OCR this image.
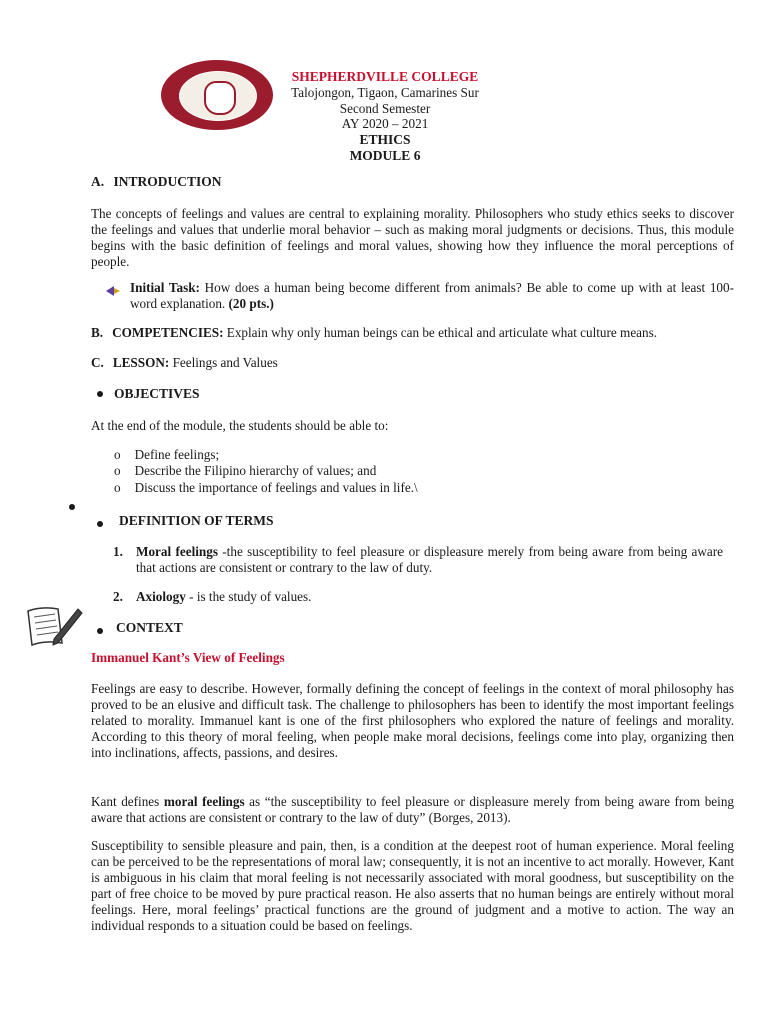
SHEPHERDVILLE COLLEGE
Talojongon, Tigaon, Camarines Sur
Second Semester
AY 2020 – 2021
ETHICS
MODULE 6
A. INTRODUCTION

The concepts of feelings and values are central to explaining morality. Philosophers who study ethics seeks to discover the feelings and values that underlie moral behavior – such as making moral judgments or decisions. Thus, this module begins with the basic definition of feelings and moral values, showing how they influence the moral perceptions of people.

Initial Task: How does a human being become different from animals? Be able to come up with at least 100-word explanation. (20 pts.)

B. COMPETENCIES: Explain why only human beings can be ethical and articulate what culture means.

C. LESSON: Feelings and Values

OBJECTIVES

At the end of the module, the students should be able to:

o Define feelings;
o Describe the Filipino hierarchy of values; and
o Discuss the importance of feelings and values in life.\
DEFINITION OF TERMS
1. Moral feelings -the susceptibility to feel pleasure or displeasure merely from being aware from being aware that actions are consistent or contrary to the law of duty.

2. Axiology - is the study of values.

CONTEXT
Immanuel Kant’s View of Feelings

Feelings are easy to describe. However, formally defining the concept of feelings in the context of moral philosophy has proved to be an elusive and difficult task. The challenge to philosophers has been to identify the most important feelings related to morality. Immanuel kant is one of the first philosophers who explored the nature of feelings and morality. According to this theory of moral feeling, when people make moral decisions, feelings come into play, organizing then into inclinations, affects, passions, and desires.

Kant defines moral feelings as “the susceptibility to feel pleasure or displeasure merely from being aware from being aware that actions are consistent or contrary to the law of duty” (Borges, 2013).

Susceptibility to sensible pleasure and pain, then, is a condition at the deepest root of human experience. Moral feeling can be perceived to be the representations of moral law; consequently, it is not an incentive to act morally. However, Kant is ambiguous in his claim that moral feeling is not necessarily associated with moral goodness, but susceptibility on the part of free choice to be moved by pure practical reason. He also asserts that no human beings are entirely without moral feelings. Here, moral feelings’ practical functions are the ground of judgment and a motive to action. The way an individual responds to a situation could be based on feelings.
